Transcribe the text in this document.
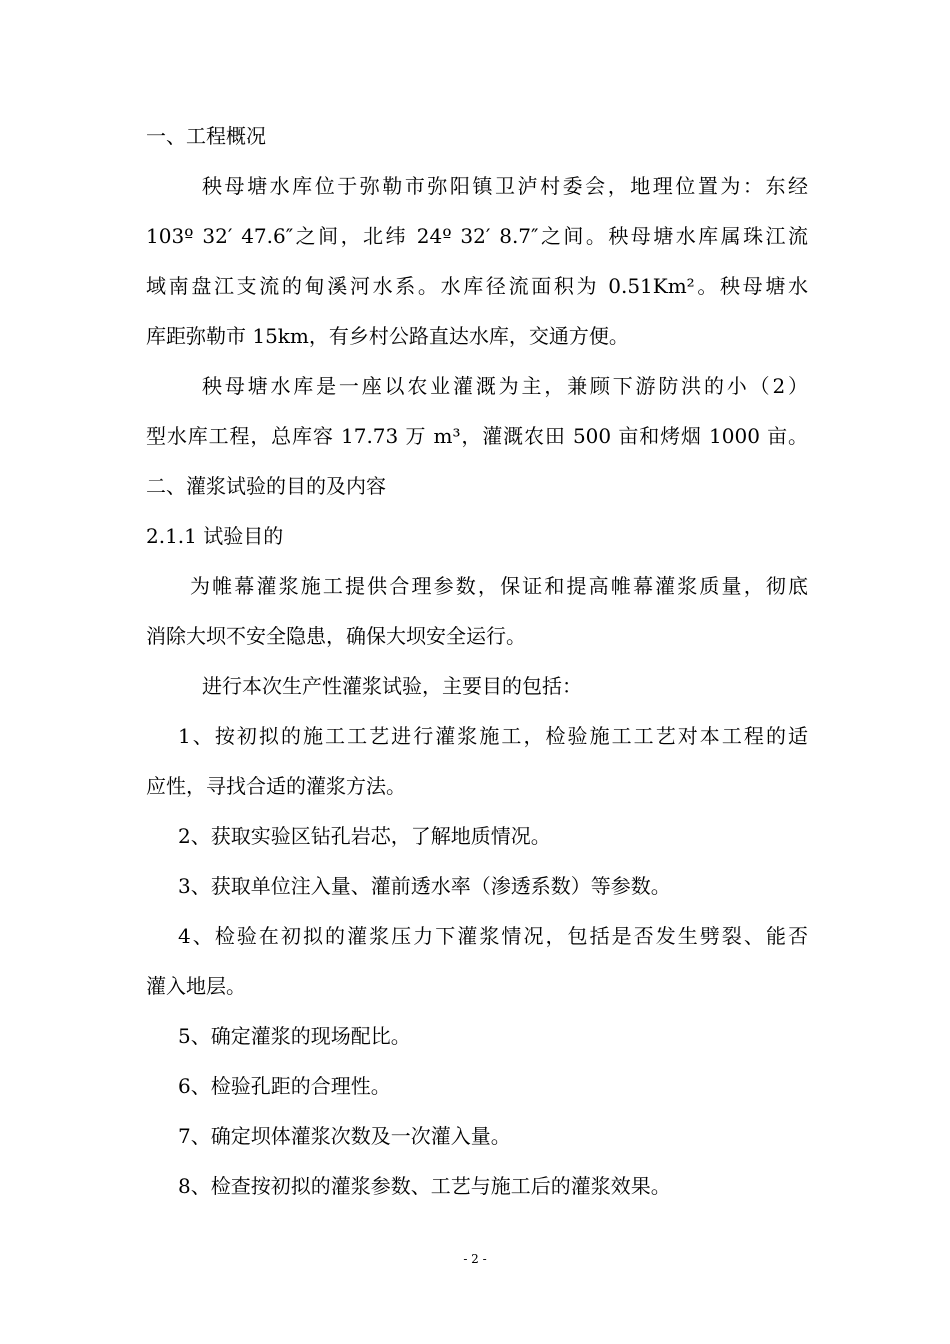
一、工程概况
秧母塘水库位于弥勒市弥阳镇卫泸村委会，地理位置为：东经
103º 32′ 47.6″之间，北纬 24º 32′ 8.7″之间。秧母塘水库属珠江流
域南盘江支流的甸溪河水系。水库径流面积为 0.51Km²。秧母塘水
库距弥勒市 15km，有乡村公路直达水库，交通方便。
秧母塘水库是一座以农业灌溉为主，兼顾下游防洪的小（2）
型水库工程，总库容 17.73 万 m³，灌溉农田 500 亩和烤烟 1000 亩。
二、灌浆试验的目的及内容
2.1.1 试验目的
为帷幕灌浆施工提供合理参数，保证和提高帷幕灌浆质量，彻底
消除大坝不安全隐患，确保大坝安全运行。
进行本次生产性灌浆试验，主要目的包括：
1、按初拟的施工工艺进行灌浆施工，检验施工工艺对本工程的适
应性，寻找合适的灌浆方法。
2、获取实验区钻孔岩芯，了解地质情况。
3、获取单位注入量、灌前透水率（渗透系数）等参数。
4、检验在初拟的灌浆压力下灌浆情况，包括是否发生劈裂、能否
灌入地层。
5、确定灌浆的现场配比。
6、检验孔距的合理性。
7、确定坝体灌浆次数及一次灌入量。
8、检查按初拟的灌浆参数、工艺与施工后的灌浆效果。
- 2 -
